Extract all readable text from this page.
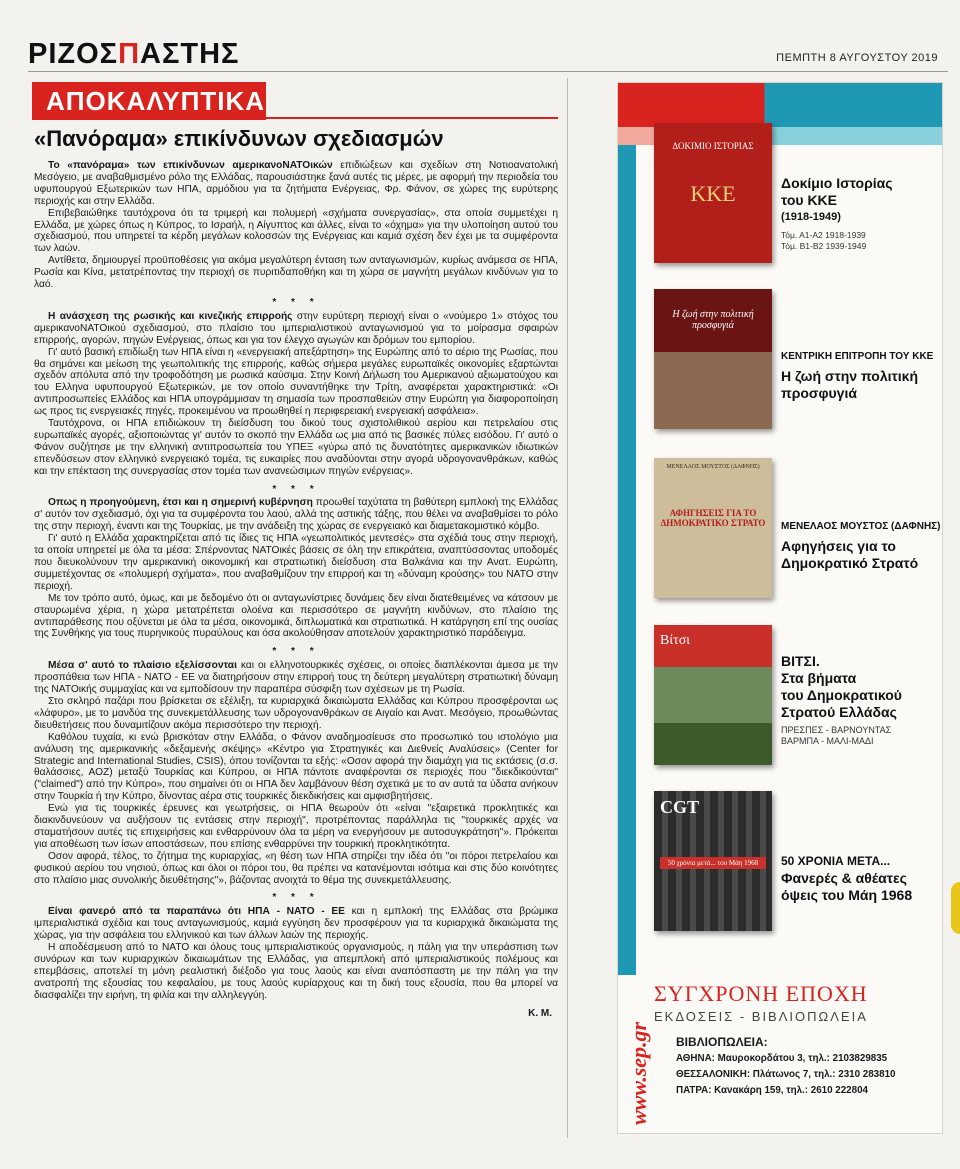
ΡΙΖΟΣΠΑΣΤΗΣ	ΠΕΜΠΤΗ 8 ΑΥΓΟΥΣΤΟΥ 2019
ΑΠΟΚΑΛΥΠΤΙΚΑ
«Πανόραμα» επικίνδυνων σχεδιασμών

Το «πανόραμα» των επικίνδυνων αμερικανοΝΑΤΟικών επιδιώξεων και σχεδίων στη Νοτιοανατολική Μεσόγειο, με αναβαθμισμένο ρόλο της Ελλάδας, παρουσιάστηκε ξανά αυτές τις μέρες, με αφορμή την περιοδεία του υφυπουργού Εξωτερικών των ΗΠΑ, αρμόδιου για τα ζητήματα Ενέργειας, Φρ. Φάνον, σε χώρες της ευρύτερης περιοχής και στην Ελλάδα.

Επιβεβαιώθηκε ταυτόχρονα ότι τα τριμερή και πολυμερή «σχήματα συνεργασίας», στα οποία συμμετέχει η Ελλάδα, με χώρες όπως η Κύπρος, το Ισραήλ, η Αίγυπτος και άλλες, είναι το «όχημα» για την υλοποίηση αυτού του σχεδιασμού, που υπηρετεί τα κέρδη μεγάλων κολοσσών της Ενέργειας και καμιά σχέση δεν έχει με τα συμφέροντα των λαών.

Αντίθετα, δημιουργεί προϋποθέσεις για ακόμα μεγαλύτερη ένταση των ανταγωνισμών, κυρίως ανάμεσα σε ΗΠΑ, Ρωσία και Κίνα, μετατρέποντας την περιοχή σε πυριτιδαποθήκη και τη χώρα σε μαγνήτη μεγάλων κινδύνων για το λαό.

* * *

Η ανάσχεση της ρωσικής και κινεζικής επιρροής στην ευρύτερη περιοχή είναι ο «νούμερο 1» στόχος του αμερικανοΝΑΤΟικού σχεδιασμού, στο πλαίσιο του ιμπεριαλιστικού ανταγωνισμού για το μοίρασμα σφαιρών επιρροής, αγορών, πηγών Ενέργειας, όπως και για τον έλεγχο αγωγών και δρόμων του εμπορίου.

Γι' αυτό βασική επιδίωξη των ΗΠΑ είναι η «ενεργειακή απεξάρτηση» της Ευρώπης από το αέριο της Ρωσίας, που θα σημάνει και μείωση της γεωπολιτικής της επιρροής, καθώς σήμερα μεγάλες ευρωπαϊκές οικονομίες εξαρτώνται σχεδόν απόλυτα από την τροφοδότηση με ρωσικά καύσιμα. Στην Κοινή Δήλωση του Αμερικανού αξιωματούχου και του Ελληνα υφυπουργού Εξωτερικών, με τον οποίο συναντήθηκε την Τρίτη, αναφέρεται χαρακτηριστικά: «Οι αντιπροσωπείες Ελλάδος και ΗΠΑ υπογράμμισαν τη σημασία των προσπαθειών στην Ευρώπη για διαφοροποίηση ως προς τις ενεργειακές πηγές, προκειμένου να προωθηθεί η περιφερειακή ενεργειακή ασφάλεια».

Ταυτόχρονα, οι ΗΠΑ επιδιώκουν τη διείσδυση του δικού τους σχιστολιθικού αερίου και πετρελαίου στις ευρωπαϊκές αγορές, αξιοποιώντας γι' αυτόν το σκοπό την Ελλάδα ως μια από τις βασικές πύλες εισόδου. Γι' αυτό ο Φάνον συζήτησε με την ελληνική αντιπροσωπεία του ΥΠΕΞ «γύρω από τις δυνατότητες αμερικανικών ιδιωτικών επενδύσεων στον ελληνικό ενεργειακό τομέα, τις ευκαιρίες που αναδύονται στην αγορά υδρογονανθράκων, καθώς και την επέκταση της συνεργασίας στον τομέα των ανανεώσιμων πηγών ενέργειας».

* * *

Οπως η προηγούμενη, έτσι και η σημερινή κυβέρνηση προωθεί ταχύτατα τη βαθύτερη εμπλοκή της Ελλάδας σ' αυτόν τον σχεδιασμό, όχι για τα συμφέροντα του λαού, αλλά της αστικής τάξης, που θέλει να αναβαθμίσει το ρόλο της στην περιοχή, έναντι και της Τουρκίας, με την ανάδειξη της χώρας σε ενεργειακό και διαμετακομιστικό κόμβο.

Γι' αυτό η Ελλάδα χαρακτηρίζεται από τις ίδιες τις ΗΠΑ «γεωπολιτικός μεντεσές» στα σχέδιά τους στην περιοχή, τα οποία υπηρετεί με όλα τα μέσα: Σπέρνοντας ΝΑΤΟικές βάσεις σε όλη την επικράτεια, αναπτύσσοντας υποδομές που διευκολύνουν την αμερικανική οικονομική και στρατιωτική διείσδυση στα Βαλκάνια και την Ανατ. Ευρώπη, συμμετέχοντας σε «πολυμερή σχήματα», που αναβαθμίζουν την επιρροή και τη «δύναμη κρούσης» του ΝΑΤΟ στην περιοχή.

Με τον τρόπο αυτό, όμως, και με δεδομένο ότι οι ανταγωνίστριες δυνάμεις δεν είναι διατεθειμένες να κάτσουν με σταυρωμένα χέρια, η χώρα μετατρέπεται ολοένα και περισσότερο σε μαγνήτη κινδύνων, στο πλαίσιο της αντιπαράθεσης που οξύνεται με όλα τα μέσα, οικονομικά, διπλωματικά και στρατιωτικά. Η κατάργηση επί της ουσίας της Συνθήκης για τους πυρηνικούς πυραύλους και όσα ακολούθησαν αποτελούν χαρακτηριστικό παράδειγμα.

* * *

Μέσα σ' αυτό το πλαίσιο εξελίσσονται και οι ελληνοτουρκικές σχέσεις, οι οποίες διαπλέκονται άμεσα με την προσπάθεια των ΗΠΑ - ΝΑΤΟ - ΕΕ να διατηρήσουν στην επιρροή τους τη δεύτερη μεγαλύτερη στρατιωτική δύναμη της ΝΑΤΟικής συμμαχίας και να εμποδίσουν την παραπέρα σύσφιξη των σχέσεων με τη Ρωσία.

Στο σκληρό παζάρι που βρίσκεται σε εξέλιξη, τα κυριαρχικά δικαιώματα Ελλάδας και Κύπρου προσφέρονται ως «λάφυρο», με το μανδύα της συνεκμετάλλευσης των υδρογονανθράκων σε Αιγαίο και Ανατ. Μεσόγειο, προωθώντας διευθετήσεις που δυναμιτίζουν ακόμα περισσότερο την περιοχή.

Καθόλου τυχαία, κι ενώ βρισκόταν στην Ελλάδα, ο Φάνον αναδημοσίευσε στο προσωπικό του ιστολόγιο μια ανάλυση της αμερικανικής «δεξαμενής σκέψης» «Κέντρο για Στρατηγικές και Διεθνείς Αναλύσεις» (Center for Strategic and International Studies, CSIS), όπου τονίζονται τα εξής: «Οσον αφορά την διαμάχη για τις εκτάσεις (σ.σ. θαλάσσιες, ΑΟΖ) μεταξύ Τουρκίας και Κύπρου, οι ΗΠΑ πάντοτε αναφέρονται σε περιοχές που "διεκδικούνται" ("claimed") από την Κύπρο», που σημαίνει ότι οι ΗΠΑ δεν λαμβάνουν θέση σχετικά με το αν αυτά τα ύδατα ανήκουν στην Τουρκία ή την Κύπρο, δίνοντας αέρα στις τουρκικές διεκδικήσεις και αμφισβητήσεις.

Ενώ για τις τουρκικές έρευνες και γεωτρήσεις, οι ΗΠΑ θεωρούν ότι «είναι "εξαιρετικά προκλητικές και διακινδυνεύουν να αυξήσουν τις εντάσεις στην περιοχή", προτρέποντας παράλληλα τις "τουρκικές αρχές να σταματήσουν αυτές τις επιχειρήσεις και ενθαρρύνουν όλα τα μέρη να ενεργήσουν με αυτοσυγκράτηση"». Πρόκειται για αποθέωση των ίσων αποστάσεων, που επίσης ενθαρρύνει την τουρκική προκλητικότητα.

Οσον αφορά, τέλος, το ζήτημα της κυριαρχίας, «η θέση των ΗΠΑ στηρίζει την ιδέα ότι "οι πόροι πετρελαίου και φυσικού αερίου του νησιού, όπως και όλοι οι πόροι του, θα πρέπει να κατανέμονται ισότιμα και στις δύο κοινότητες στο πλαίσιο μιας συνολικής διευθέτησης"», βάζοντας ανοιχτά το θέμα της συνεκμετάλλευσης.

* * *

Είναι φανερό από τα παραπάνω ότι ΗΠΑ - ΝΑΤΟ - ΕΕ και η εμπλοκή της Ελλάδας στα βρώμικα ιμπεριαλιστικά σχέδια και τους ανταγωνισμούς, καμιά εγγύηση δεν προσφέρουν για τα κυριαρχικά δικαιώματα της χώρας, για την ασφάλεια του ελληνικού και των άλλων λαών της περιοχής.

Η αποδέσμευση από το ΝΑΤΟ και όλους τους ιμπεριαλιστικούς οργανισμούς, η πάλη για την υπεράσπιση των συνόρων και των κυριαρχικών δικαιωμάτων της Ελλάδας, για απεμπλοκή από ιμπεριαλιστικούς πολέμους και επεμβάσεις, αποτελεί τη μόνη ρεαλιστική διέξοδο για τους λαούς και είναι αναπόσπαστη με την πάλη για την ανατροπή της εξουσίας του κεφαλαίου, με τους λαούς κυρίαρχους και τη δική τους εξουσία, που θα μπορεί να διασφαλίζει την ειρήνη, τη φιλία και την αλληλεγγύη.

Κ. Μ.
ΔΟΚΙΜΙΟ ΙΣΤΟΡΙΑΣ
ΚΚΕ	Δοκίμιο Ιστορίας
του ΚΚΕ
(1918-1949)
Τόμ. Α1-Α2 1918-1939
Τόμ. Β1-Β2 1939-1949
Η ζωή στην πολιτική προσφυγιά
ΚΕΝΤΡΙΚΗ ΕΠΙΤΡΟΠΗ ΤΟΥ ΚΚΕ
Η ζωή στην πολιτική
προσφυγιά
ΜΕΝΕΛΑΟΣ ΜΟΥΣΤΟΣ (ΔΑΦΝΗΣ)
ΑΦΗΓΗΣΕΙΣ ΓΙΑ ΤΟ ΔΗΜΟΚΡΑΤΙΚΟ ΣΤΡΑΤΟ ΜΕΝΕΛΑΟΣ ΜΟΥΣΤΟΣ (ΔΑΦΝΗΣ)
Αφηγήσεις για το
Δημοκρατικό Στρατό
Βίτσι
ΒΙΤΣΙ.
Στα βήματα
του Δημοκρατικού
Στρατού Ελλάδας
ΠΡΕΣΠΕΣ - ΒΑΡΝΟΥΝΤΑΣ
ΒΑΡΜΠΑ - ΜΑΛΙ-ΜΑΔΙ
CGT
50 χρόνια μετά... του Μάη 1968	50 ΧΡΟΝΙΑ ΜΕΤΑ...
Φανερές & αθέατες
όψεις του Μάη 1968
www.sep.gr
ΣΥΓΧΡΟΝΗ ΕΠΟΧΗ
ΕΚΔΟΣΕΙΣ - ΒΙΒΛΙΟΠΩΛΕΙΑ
ΒΙΒΛΙΟΠΩΛΕΙΑ:
ΑΘΗΝΑ: Μαυροκορδάτου 3, τηλ.: 2103829835
ΘΕΣΣΑΛΟΝΙΚΗ: Πλάτωνος 7, τηλ.: 2310 283810
ΠΑΤΡΑ: Κανακάρη 159, τηλ.: 2610 222804
